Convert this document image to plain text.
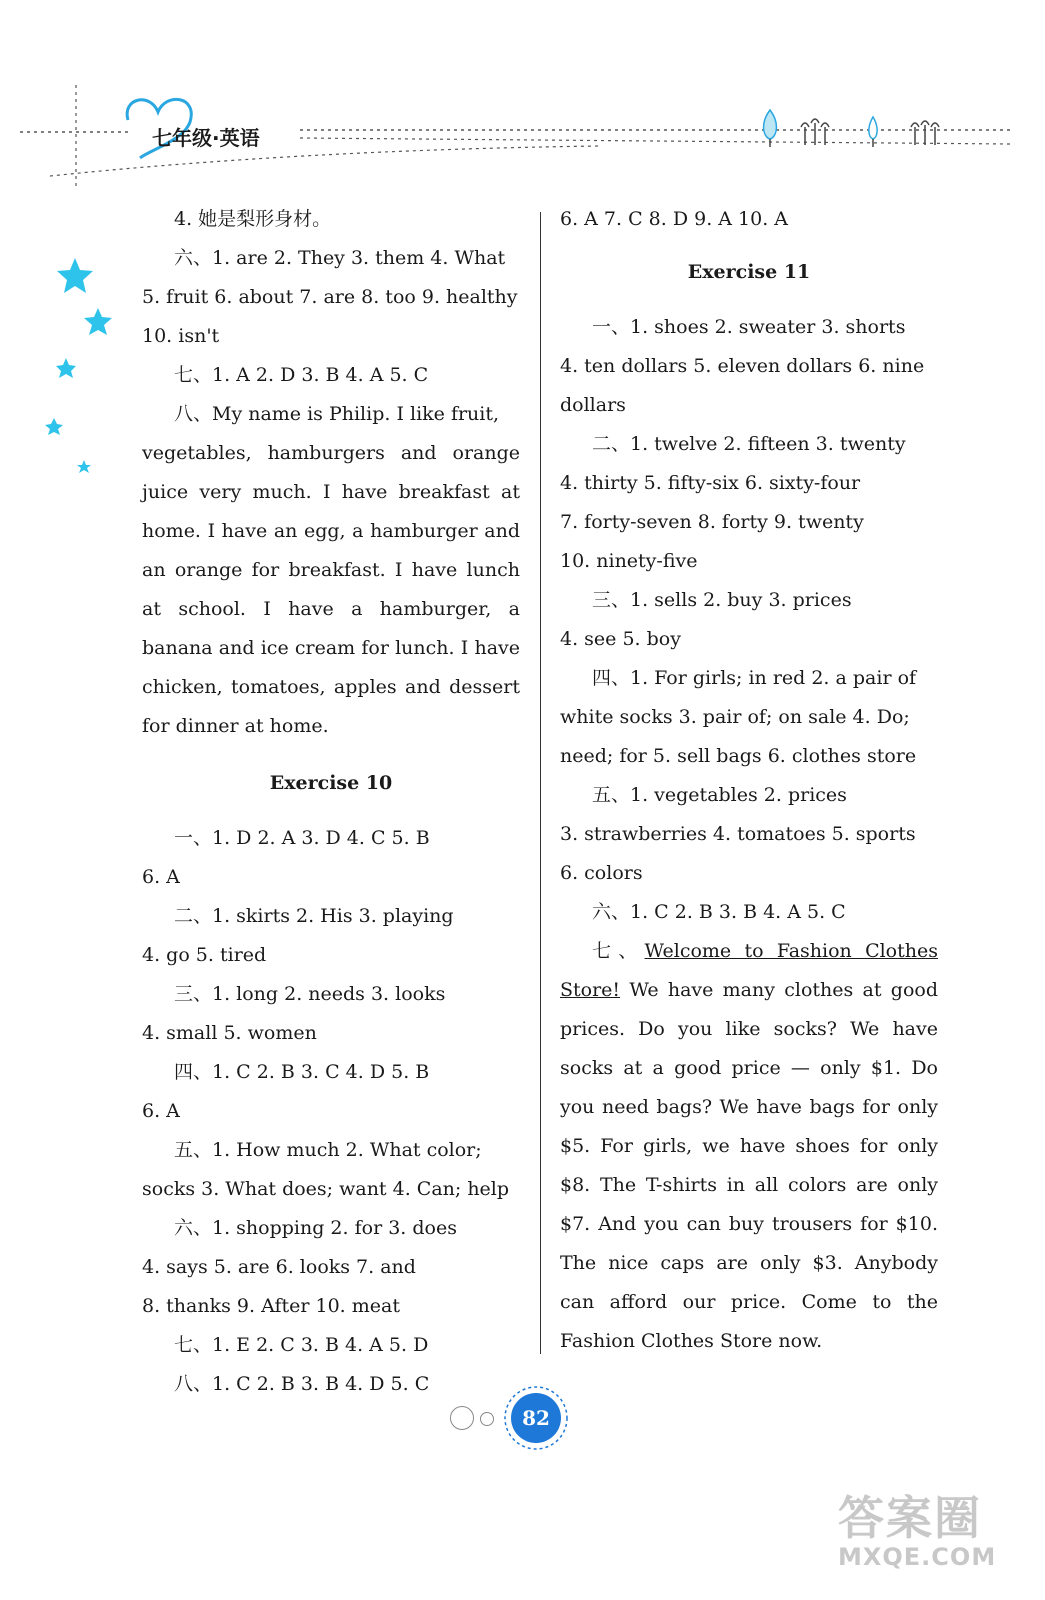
七年级·英语
4. 她是梨形身材。
六、1. are 2. They 3. them 4. What
5. fruit 6. about 7. are 8. too 9. healthy
10. isn't
七、1. A 2. D 3. B 4. A 5. C
八、My name is Philip. I like fruit,
vegetables, hamburgers and orange juice very much. I have breakfast at home. I have an egg, a hamburger and an orange for breakfast. I have lunch at school. I have a hamburger, a banana and ice cream for lunch. I have chicken, tomatoes, apples and dessert for dinner at home.
Exercise 10
一、1. D 2. A 3. D 4. C 5. B
6. A
二、1. skirts 2. His 3. playing
4. go 5. tired
三、1. long 2. needs 3. looks
4. small 5. women
四、1. C 2. B 3. C 4. D 5. B
6. A
五、1. How much 2. What color;
socks 3. What does; want 4. Can; help
六、1. shopping 2. for 3. does
4. says 5. are 6. looks 7. and
8. thanks 9. After 10. meat
七、1. E 2. C 3. B 4. A 5. D
八、1. C 2. B 3. B 4. D 5. C
6. A 7. C 8. D 9. A 10. A
Exercise 11
一、1. shoes 2. sweater 3. shorts
4. ten dollars 5. eleven dollars 6. nine
dollars
二、1. twelve 2. fifteen 3. twenty
4. thirty 5. fifty-six 6. sixty-four
7. forty-seven 8. forty 9. twenty
10. ninety-five
三、1. sells 2. buy 3. prices
4. see 5. boy
四、1. For girls; in red 2. a pair of
white socks 3. pair of; on sale 4. Do;
need; for 5. sell bags 6. clothes store
五、1. vegetables 2. prices
3. strawberries 4. tomatoes 5. sports
6. colors
六、1. C 2. B 3. B 4. A 5. C
七、Welcome to Fashion Clothes Store! We have many clothes at good prices. Do you like socks? We have socks at a good price — only $1. Do you need bags? We have bags for only $5. For girls, we have shoes for only $8. The T-shirts in all colors are only $7. And you can buy trousers for $10. The nice caps are only $3. Anybody can afford our price. Come to the Fashion Clothes Store now.
82
答案圈
MXQE.COM
